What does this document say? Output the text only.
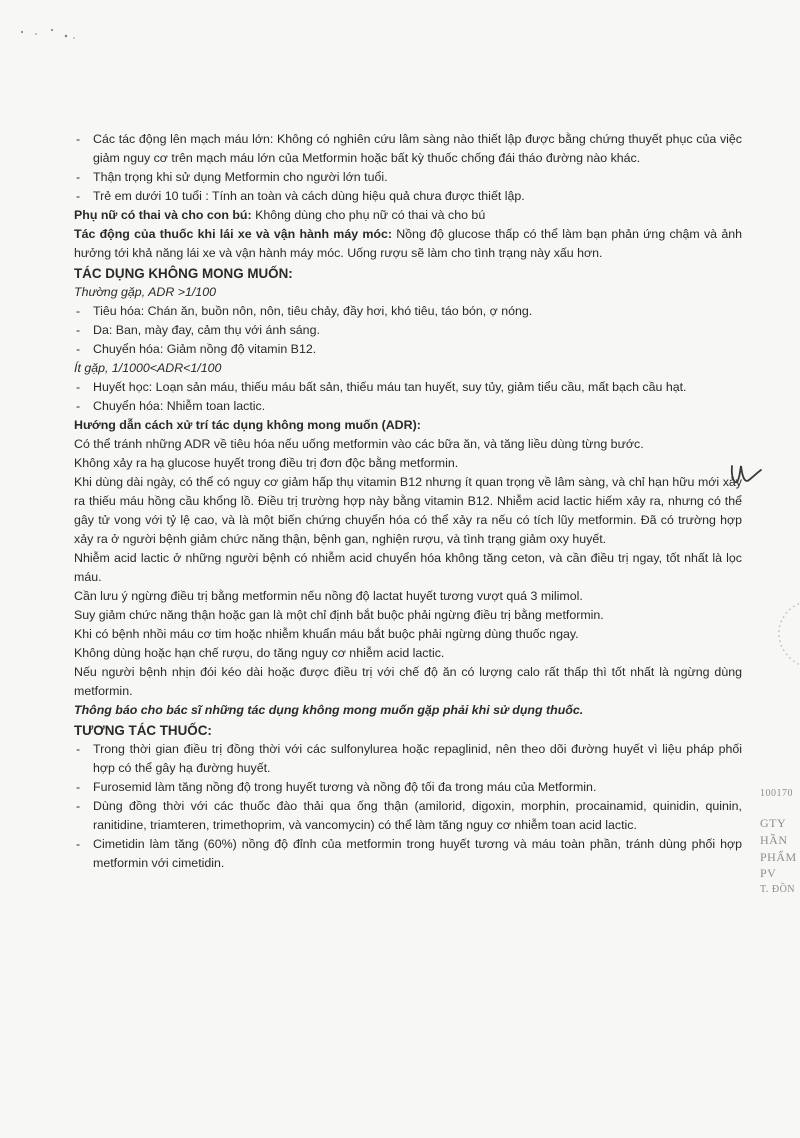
- Các tác động lên mạch máu lớn: Không có nghiên cứu lâm sàng nào thiết lập được bằng chứng thuyết phục của việc giảm nguy cơ trên mạch máu lớn của Metformin hoặc bất kỳ thuốc chống đái tháo đường nào khác.
- Thận trọng khi sử dụng Metformin cho người lớn tuổi.
- Trẻ em dưới 10 tuổi : Tính an toàn và cách dùng hiệu quả chưa được thiết lập.

Phụ nữ có thai và cho con bú: Không dùng cho phụ nữ có thai và cho bú

Tác động của thuốc khi lái xe và vận hành máy móc: Nồng độ glucose thấp có thể làm bạn phản ứng chậm và ảnh hưởng tới khả năng lái xe và vận hành máy móc. Uống rượu sẽ làm cho tình trạng này xấu hơn.

TÁC DỤNG KHÔNG MONG MUỐN:
Thường gặp, ADR >1/100
- Tiêu hóa: Chán ăn, buồn nôn, nôn, tiêu chảy, đầy hơi, khó tiêu, táo bón, ợ nóng.
- Da: Ban, mày đay, cảm thụ với ánh sáng.
- Chuyển hóa: Giảm nồng độ vitamin B12.
Ít gặp, 1/1000<ADR<1/100
- Huyết học: Loạn sản máu, thiếu máu bất sản, thiếu máu tan huyết, suy tủy, giảm tiểu cầu, mất bạch cầu hạt.
- Chuyển hóa: Nhiễm toan lactic.
Hướng dẫn cách xử trí tác dụng không mong muốn (ADR):

Có thể tránh những ADR về tiêu hóa nếu uống metformin vào các bữa ăn, và tăng liều dùng từng bước.

Không xảy ra hạ glucose huyết trong điều trị đơn độc bằng metformin.

Khi dùng dài ngày, có thể có nguy cơ giảm hấp thụ vitamin B12 nhưng ít quan trọng về lâm sàng, và chỉ hạn hữu mới xảy ra thiếu máu hồng cầu khổng lồ. Điều trị trường hợp này bằng vitamin B12. Nhiễm acid lactic hiếm xảy ra, nhưng có thể gây tử vong với tỷ lệ cao, và là một biến chứng chuyển hóa có thể xảy ra nếu có tích lũy metformin. Đã có trường hợp xảy ra ở người bệnh giảm chức năng thận, bệnh gan, nghiện rượu, và tình trạng giảm oxy huyết.

Nhiễm acid lactic ở những người bệnh có nhiễm acid chuyển hóa không tăng ceton, và cần điều trị ngay, tốt nhất là lọc máu.

Cần lưu ý ngừng điều trị bằng metformin nếu nồng độ lactat huyết tương vượt quá 3 milimol.

Suy giảm chức năng thận hoặc gan là một chỉ định bắt buộc phải ngừng điều trị bằng metformin.

Khi có bệnh nhồi máu cơ tim hoặc nhiễm khuẩn máu bắt buộc phải ngừng dùng thuốc ngay.

Không dùng hoặc hạn chế rượu, do tăng nguy cơ nhiễm acid lactic.

Nếu người bệnh nhịn đói kéo dài hoặc được điều trị với chế độ ăn có lượng calo rất thấp thì tốt nhất là ngừng dùng metformin.

Thông báo cho bác sĩ những tác dụng không mong muốn gặp phải khi sử dụng thuốc.
TƯƠNG TÁC THUỐC:
- Trong thời gian điều trị đồng thời với các sulfonylurea hoặc repaglinid, nên theo dõi đường huyết vì liệu pháp phối hợp có thể gây hạ đường huyết.
- Furosemid làm tăng nồng độ trong huyết tương và nồng độ tối đa trong máu của Metformin.
- Dùng đồng thời với các thuốc đào thải qua ống thận (amilorid, digoxin, morphin, procainamid, quinidin, quinin, ranitidine, triamteren, trimethoprim, và vancomycin) có thể làm tăng nguy cơ nhiễm toan acid lactic.
- Cimetidin làm tăng (60%) nồng độ đỉnh của metformin trong huyết tương và máu toàn phần, tránh dùng phối hợp metformin với cimetidin.
100170
GTY
HẦN
PHẨM
PV
T. ĐỒN
